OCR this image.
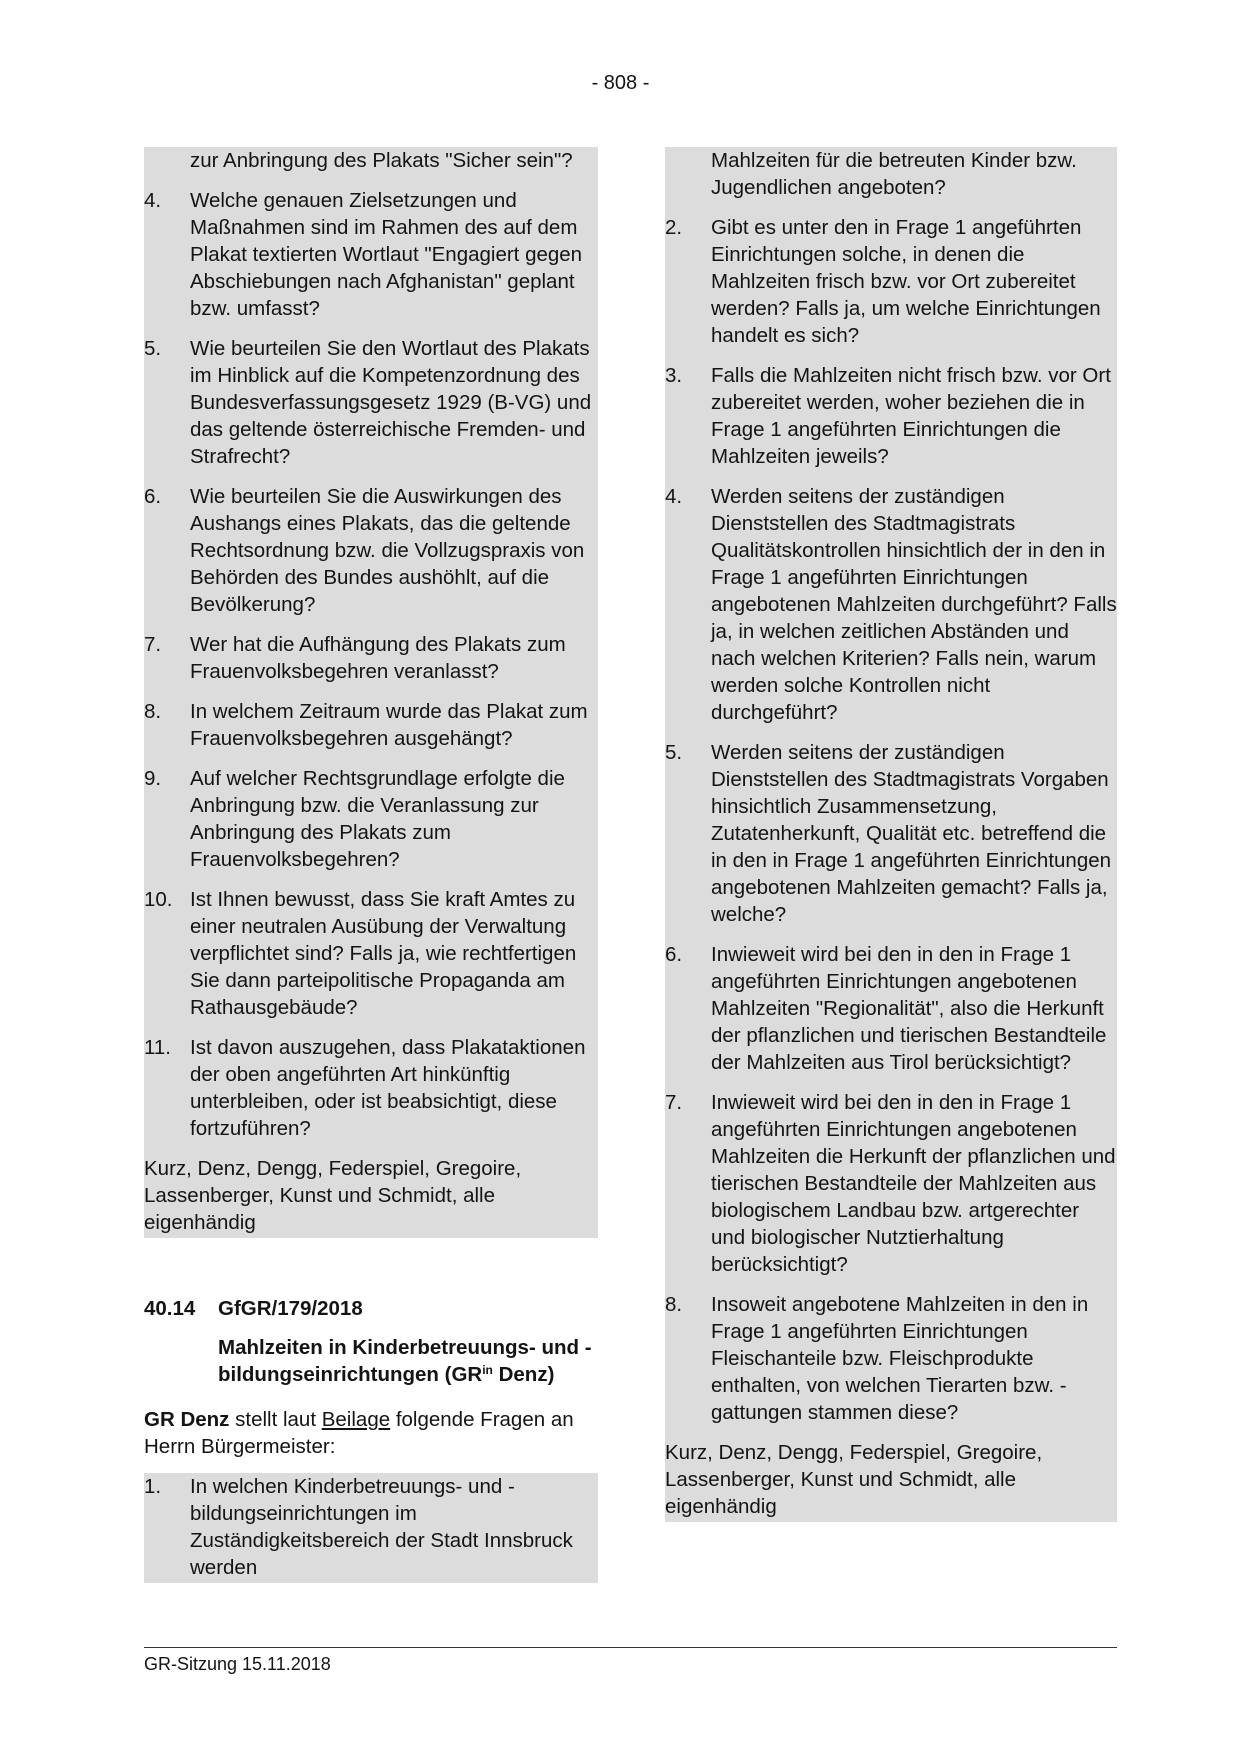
- 808 -
zur Anbringung des Plakats "Sicher sein"?
4.	Welche genauen Zielsetzungen und Maßnahmen sind im Rahmen des auf dem Plakat textierten Wortlaut "Engagiert gegen Abschiebungen nach Afghanistan" geplant bzw. umfasst?
5.	Wie beurteilen Sie den Wortlaut des Plakats im Hinblick auf die Kompetenzordnung des Bundesverfassungsgesetz 1929 (B-VG) und das geltende österreichische Fremden- und Strafrecht?
6.	Wie beurteilen Sie die Auswirkungen des Aushangs eines Plakats, das die geltende Rechtsordnung bzw. die Vollzugspraxis von Behörden des Bundes aushöhlt, auf die Bevölkerung?
7.	Wer hat die Aufhängung des Plakats zum Frauenvolksbegehren veranlasst?
8.	In welchem Zeitraum wurde das Plakat zum Frauenvolksbegehren ausgehängt?
9.	Auf welcher Rechtsgrundlage erfolgte die Anbringung bzw. die Veranlassung zur Anbringung des Plakats zum Frauenvolksbegehren?
10. Ist Ihnen bewusst, dass Sie kraft Amtes zu einer neutralen Ausübung der Verwaltung verpflichtet sind? Falls ja, wie rechtfertigen Sie dann parteipolitische Propaganda am Rathausgebäude?
11. Ist davon auszugehen, dass Plakataktionen der oben angeführten Art hinkünftig unterbleiben, oder ist beabsichtigt, diese fortzuführen?
Kurz, Denz, Dengg, Federspiel, Gregoire, Lassenberger, Kunst und Schmidt, alle eigenhändig
40.14	GfGR/179/2018
Mahlzeiten in Kinderbetreuungs- und -bildungseinrichtungen ($GR^{in}$ Denz)
GR Denz stellt laut Beilage folgende Fragen an Herrn Bürgermeister:
1.	In welchen Kinderbetreuungs- und -bildungseinrichtungen im Zuständigkeitsbereich der Stadt Innsbruck werden
Mahlzeiten für die betreuten Kinder bzw. Jugendlichen angeboten?
2.	Gibt es unter den in Frage 1 angeführten Einrichtungen solche, in denen die Mahlzeiten frisch bzw. vor Ort zubereitet werden? Falls ja, um welche Einrichtungen handelt es sich?
3.	Falls die Mahlzeiten nicht frisch bzw. vor Ort zubereitet werden, woher beziehen die in Frage 1 angeführten Einrichtungen die Mahlzeiten jeweils?
4.	Werden seitens der zuständigen Dienststellen des Stadtmagistrats Qualitätskontrollen hinsichtlich der in den in Frage 1 angeführten Einrichtungen angebotenen Mahlzeiten durchgeführt? Falls ja, in welchen zeitlichen Abständen und nach welchen Kriterien? Falls nein, warum werden solche Kontrollen nicht durchgeführt?
5.	Werden seitens der zuständigen Dienststellen des Stadtmagistrats Vorgaben hinsichtlich Zusammensetzung, Zutatenherkunft, Qualität etc. betreffend die in den in Frage 1 angeführten Einrichtungen angebotenen Mahlzeiten gemacht? Falls ja, welche?
6.	Inwieweit wird bei den in den in Frage 1 angeführten Einrichtungen angebotenen Mahlzeiten "Regionalität", also die Herkunft der pflanzlichen und tierischen Bestandteile der Mahlzeiten aus Tirol berücksichtigt?
7.	Inwieweit wird bei den in den in Frage 1 angeführten Einrichtungen angebotenen Mahlzeiten die Herkunft der pflanzlichen und tierischen Bestandteile der Mahlzeiten aus biologischem Landbau bzw. artgerechter und biologischer Nutztierhaltung berücksichtigt?
8.	Insoweit angebotene Mahlzeiten in den in Frage 1 angeführten Einrichtungen Fleischanteile bzw. Fleischprodukte enthalten, von welchen Tierarten bzw. -gattungen stammen diese?
Kurz, Denz, Dengg, Federspiel, Gregoire, Lassenberger, Kunst und Schmidt, alle eigenhändig
GR-Sitzung 15.11.2018
